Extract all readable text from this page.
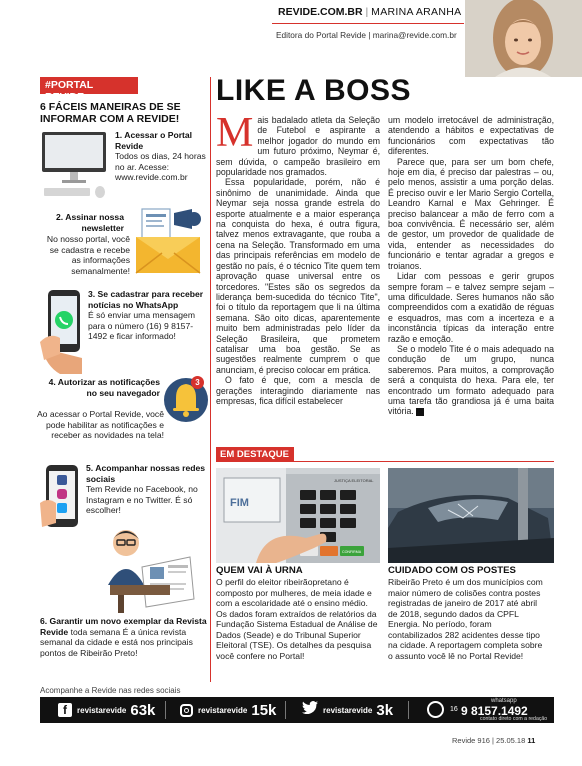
REVIDE.COM.BR | MARINA ARANHA
Editora do Portal Revide | marina@revide.com.br
#PORTAL REVIDE
6 FÁCEIS MANEIRAS DE SE INFORMAR COM A REVIDE!
1. Acessar o Portal Revide
Todos os dias, 24 horas no ar. Acesse: www.revide.com.br
2. Assinar nossa newsletter
No nosso portal, você se cadastra e recebe as informações semanalmente!
3. Se cadastrar para receber notícias no WhatsApp
É só enviar uma mensagem para o número (16) 9 8157-1492 e ficar informado!
4. Autorizar as notificações no seu navegador
Ao acessar o Portal Revide, você pode habilitar as notificações e receber as novidades na tela!
3
5. Acompanhar nossas redes sociais
Tem Revide no Facebook, no Instagram e no Twitter. É só escolher!
6. Garantir um novo exemplar da Revista Revide toda semana É a única revista semanal da cidade e está nos principais pontos de Ribeirão Preto!
LIKE A BOSS

Mais badalado atleta da Seleção de Futebol e aspirante a melhor jogador do mundo em um futuro próximo, Neymar é, sem dúvida, o campeão brasileiro em popularidade nos gramados.

Essa popularidade, porém, não é sinônimo de unanimidade. Ainda que Neymar seja nossa grande estrela do esporte atualmente e a maior esperança na conquista do hexa, é outra figura, talvez menos extravagante, que rouba a cena na Seleção. Transformado em uma das principais referências em modelo de gestão no país, é o técnico Tite quem tem aprovação quase universal entre os torcedores. "Estes são os segredos da liderança bem-sucedida do técnico Tite", foi o título da reportagem que li na última semana. São oito dicas, aparentemente muito bem administradas pelo líder da Seleção Brasileira, que prometem catalisar uma boa gestão. Se as sugestões realmente cumprem o que anunciam, é preciso colocar em prática.

O fato é que, com a mescla de gerações interagindo diariamente nas empresas, fica difícil estabelecer

um modelo irretocável de administração, atendendo a hábitos e expectativas de funcionários com expectativas tão diferentes.

Parece que, para ser um bom chefe, hoje em dia, é preciso dar palestras – ou, pelo menos, assistir a uma porção delas. É preciso ouvir e ler Mario Sergio Cortella, Leandro Karnal e Max Gehringer. É preciso balancear a mão de ferro com a boa convivência. É necessário ser, além de gestor, um provedor de qualidade de vida, entender as necessidades do funcionário e tentar agradar a gregos e troianos.

Lidar com pessoas e gerir grupos sempre foram – e talvez sempre sejam – uma dificuldade. Seres humanos não são compreendidos com a exatidão de réguas e esquadros, mas com a incerteza e a inconstância típicas da interação entre razão e emoção.

Se o modelo Tite é o mais adequado na condução de um grupo, nunca saberemos. Para muitos, a comprovação será a conquista do hexa. Para ele, ter encontrado um formato adequado para uma tarefa tão grandiosa já é uma baita vitória. R

EM DESTAQUE
FIM
JUSTIÇA ELEITORAL
CONFIRMA
QUEM VAI À URNA
O perfil do eleitor ribeirãopretano é composto por mulheres, de meia idade e com a escolaridade até o ensino médio. Os dados foram extraídos de relatórios da Fundação Sistema Estadual de Análise de Dados (Seade) e do Tribunal Superior Eleitoral (TSE). Os detalhes da pesquisa você confere no Portal!
CUIDADO COM OS POSTES
Ribeirão Preto é um dos municípios com maior número de colisões contra postes registradas de janeiro de 2017 até abril de 2018, segundo dados da CPFL Energia. No período, foram contabilizados 282 acidentes desse tipo na cidade. A reportagem completa sobre o assunto você lê no Portal Revide!
Acompanhe a Revide nas redes sociais
f	revistarevide 63k	revistarevide 15k	revistarevide 3k
whatsapp
16 9 8157.1492
contato direto com a redação
Revide 916 | 25.05.18 11
